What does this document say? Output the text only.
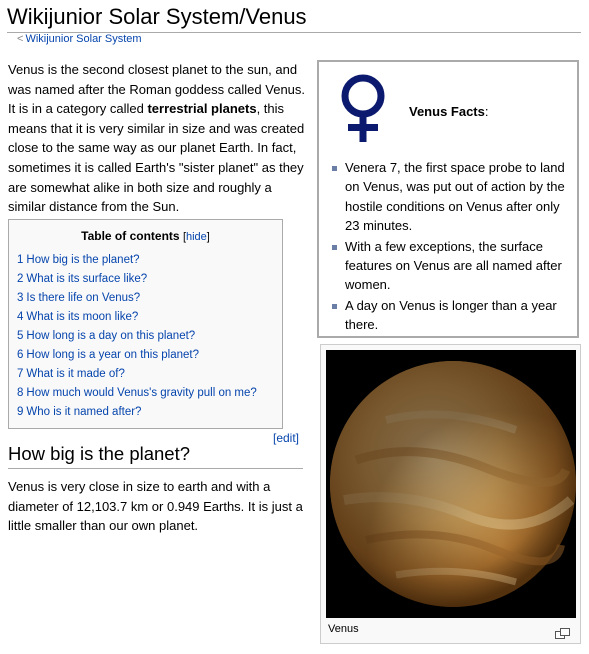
Wikijunior Solar System/Venus
< Wikijunior Solar System

Venus is the second closest planet to the sun, and was named after the Roman goddess called Venus. It is in a category called terrestrial planets, this means that it is very similar in size and was created close to the same way as our planet Earth. In fact, sometimes it is called Earth's "sister planet" as they are somewhat alike in both size and roughly a similar distance from the Sun.

Table of contents [hide]
1 How big is the planet?
2 What is its surface like?
3 Is there life on Venus?
4 What is its moon like?
5 How long is a day on this planet?
6 How long is a year on this planet?
7 What is it made of?
8 How much would Venus's gravity pull on me?
9 Who is it named after?
[edit]
How big is the planet?

Venus is very close in size to earth and with a diameter of 12,103.7 km or 0.949 Earths. It is just a little smaller than our own planet.

Venus Facts:
Venera 7, the first space probe to land on Venus, was put out of action by the hostile conditions on Venus after only 23 minutes.
With a few exceptions, the surface features on Venus are all named after women.
A day on Venus is longer than a year there.
Venus
